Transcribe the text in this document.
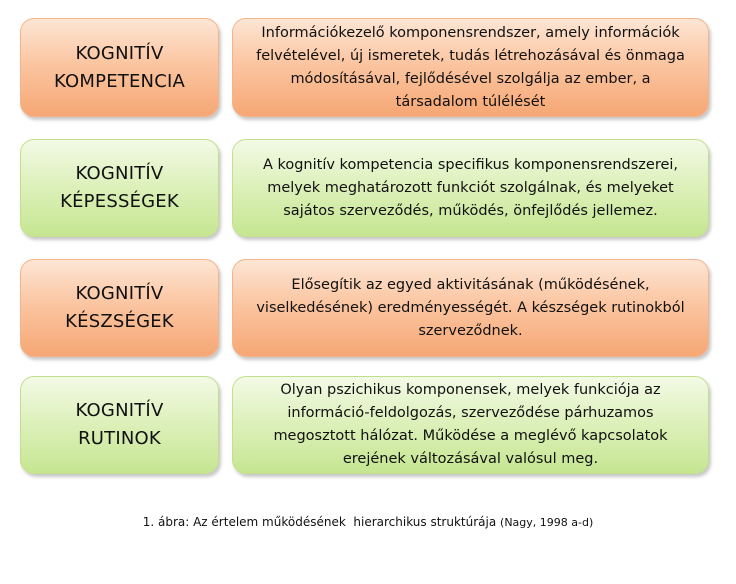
KOGNITÍV
KOMPETENCIA
Információkezelő komponensrendszer, amely információk
felvételével, új ismeretek, tudás létrehozásával és önmaga
módosításával, fejlődésével szolgálja az ember, a
társadalom túlélését
KOGNITÍV
KÉPESSÉGEK
A kognitív kompetencia specifikus komponensrendszerei,
melyek meghatározott funkciót szolgálnak, és melyeket
sajátos szerveződés, működés, önfejlődés jellemez.
KOGNITÍV
KÉSZSÉGEK
Elősegítik az egyed aktivitásának (működésének,
viselkedésének) eredményességét. A készségek rutinokból
szerveződnek.
KOGNITÍV
RUTINOK
Olyan pszichikus komponensek, melyek funkciója az
információ-feldolgozás, szerveződése párhuzamos
megosztott hálózat. Működése a meglévő kapcsolatok
erejének változásával valósul meg.
1. ábra: Az értelem működésének  hierarchikus struktúrája (Nagy, 1998 a-d)
